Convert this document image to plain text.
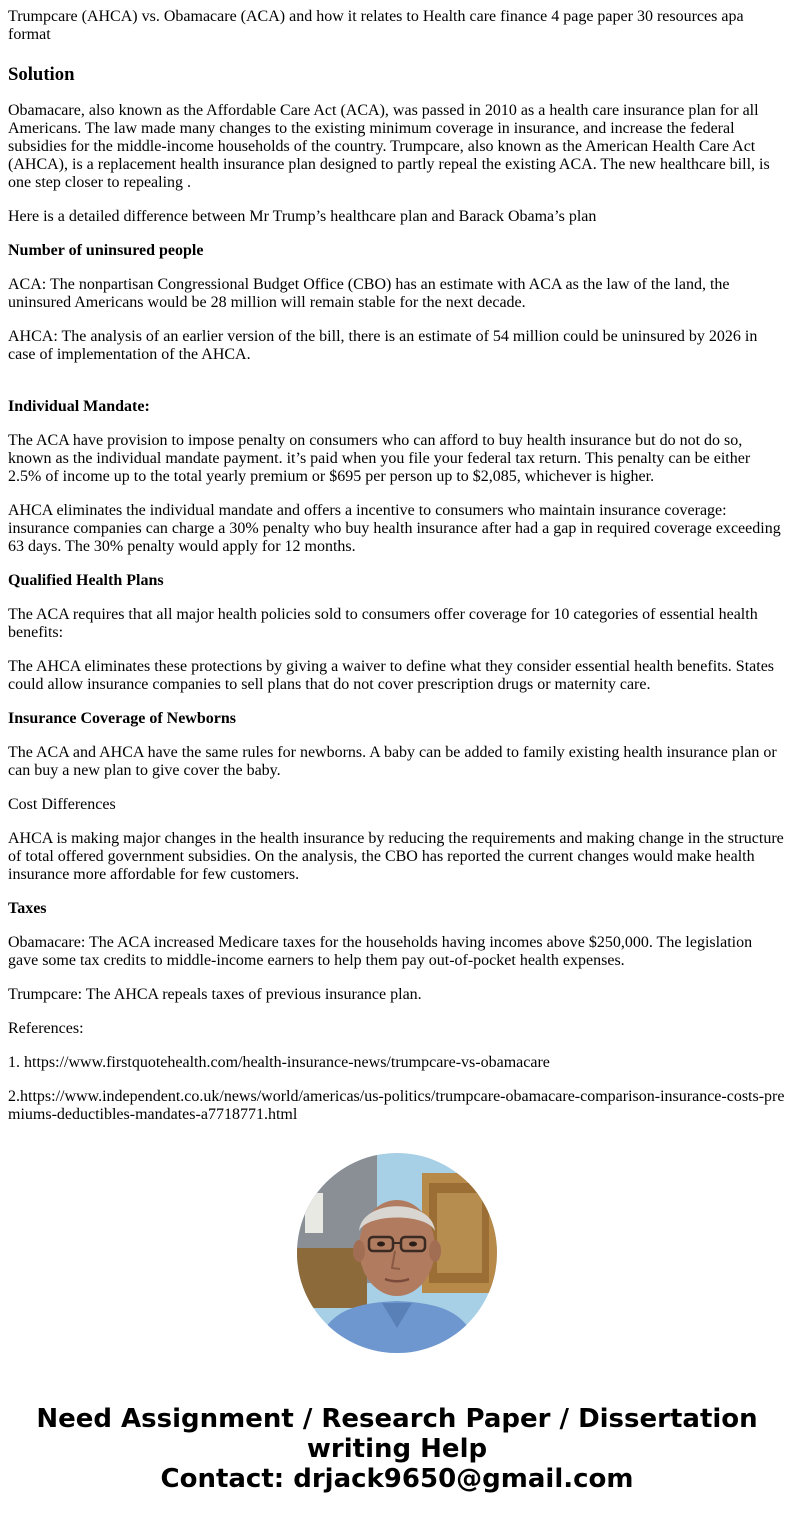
Trumpcare (AHCA) vs. Obamacare (ACA) and how it relates to Health care finance 4 page paper 30 resources apa format

Solution

Obamacare, also known as the Affordable Care Act (ACA), was passed in 2010 as a health care insurance plan for all Americans. The law made many changes to the existing minimum coverage in insurance, and increase the federal subsidies for the middle-income households of the country. Trumpcare, also known as the American Health Care Act (AHCA), is a replacement health insurance plan designed to partly repeal the existing ACA. The new healthcare bill, is one step closer to repealing .

Here is a detailed difference between Mr Trump’s healthcare plan and Barack Obama’s plan

Number of uninsured people

ACA: The nonpartisan Congressional Budget Office (CBO) has an estimate with ACA as the law of the land, the uninsured Americans would be 28 million will remain stable for the next decade.

AHCA: The analysis of an earlier version of the bill, there is an estimate of 54 million could be uninsured by 2026 in case of implementation of the AHCA.

Individual Mandate:

The ACA have provision to impose penalty on consumers who can afford to buy health insurance but do not do so, known as the individual mandate payment. it’s paid when you file your federal tax return. This penalty can be either 2.5% of income up to the total yearly premium or $695 per person up to $2,085, whichever is higher.

AHCA eliminates the individual mandate and offers a incentive to consumers who maintain insurance coverage: insurance companies can charge a 30% penalty who buy health insurance after had a gap in required coverage exceeding 63 days. The 30% penalty would apply for 12 months.

Qualified Health Plans

The ACA requires that all major health policies sold to consumers offer coverage for 10 categories of essential health benefits:

The AHCA eliminates these protections by giving a waiver to define what they consider essential health benefits. States could allow insurance companies to sell plans that do not cover prescription drugs or maternity care.

Insurance Coverage of Newborns

The ACA and AHCA have the same rules for newborns. A baby can be added to family existing health insurance plan or can buy a new plan to give cover the baby.

Cost Differences

AHCA is making major changes in the health insurance by reducing the requirements and making change in the structure of total offered government subsidies. On the analysis, the CBO has reported the current changes would make health insurance more affordable for few customers.

Taxes

Obamacare: The ACA increased Medicare taxes for the households having incomes above $250,000. The legislation gave some tax credits to middle-income earners to help them pay out-of-pocket health expenses.

Trumpcare: The AHCA repeals taxes of previous insurance plan.

References:

1. https://www.firstquotehealth.com/health-insurance-news/trumpcare-vs-obamacare

2.https://www.independent.co.uk/news/world/americas/us-politics/trumpcare-obamacare-comparison-insurance-costs-premiums-deductibles-mandates-a7718771.html

Need Assignment / Research Paper / Dissertation
writing Help
Contact: drjack9650@gmail.com
